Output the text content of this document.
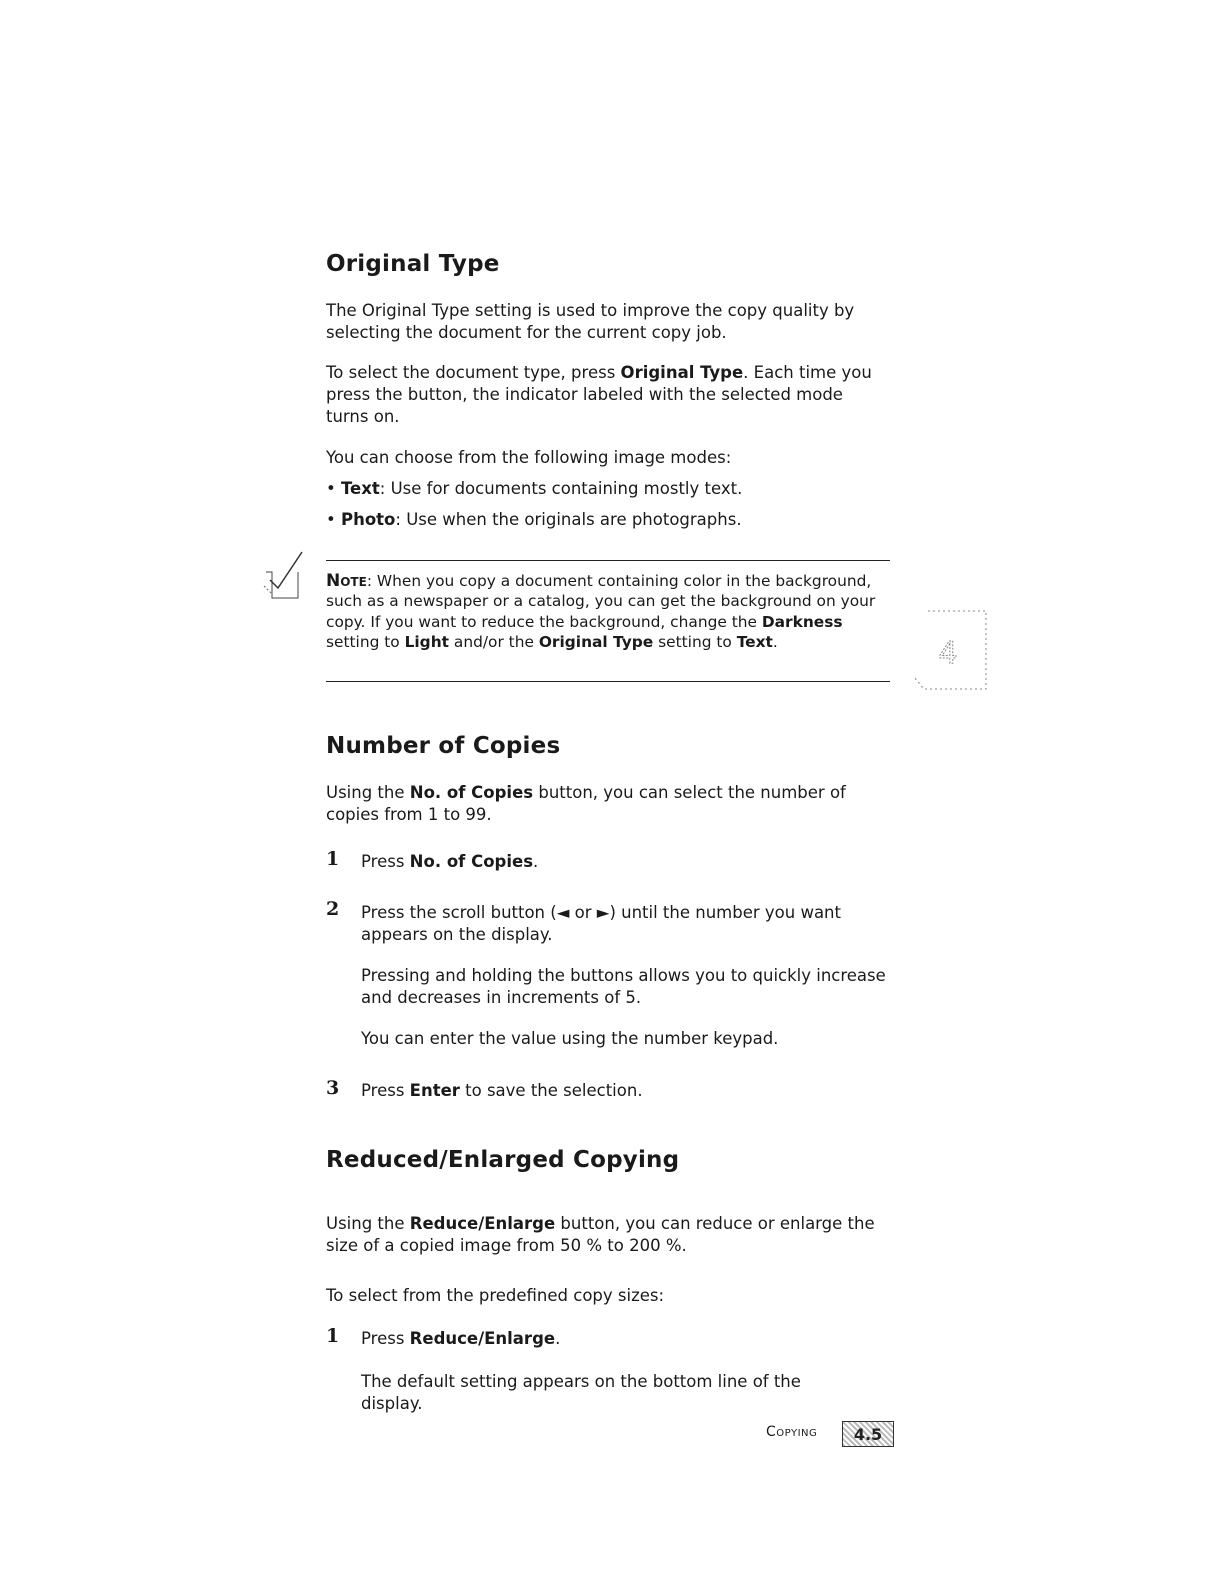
4
Original Type

The Original Type setting is used to improve the copy quality by selecting the document for the current copy job.

To select the document type, press Original Type. Each time you press the button, the indicator labeled with the selected mode turns on.

You can choose from the following image modes:

• Text: Use for documents containing mostly text.
• Photo: Use when the originals are photographs.
Note: When you copy a document containing color in the background, such as a newspaper or a catalog, you can get the background on your copy. If you want to reduce the background, change the Darkness setting to Light and/or the Original Type setting to Text.
Number of Copies

Using the No. of Copies button, you can select the number of copies from 1 to 99.

1 Press No. of Copies.
2 Press the scroll button (◄ or ►) until the number you want appears on the display.
Pressing and holding the buttons allows you to quickly increase and decreases in increments of 5.
You can enter the value using the number keypad.
3 Press Enter to save the selection.
Reduced/Enlarged Copying

Using the Reduce/Enlarge button, you can reduce or enlarge the size of a copied image from 50 % to 200 %.

To select from the predefined copy sizes:

1 Press Reduce/Enlarge.
The default setting appears on the bottom line of the display.
Copying	4.5
